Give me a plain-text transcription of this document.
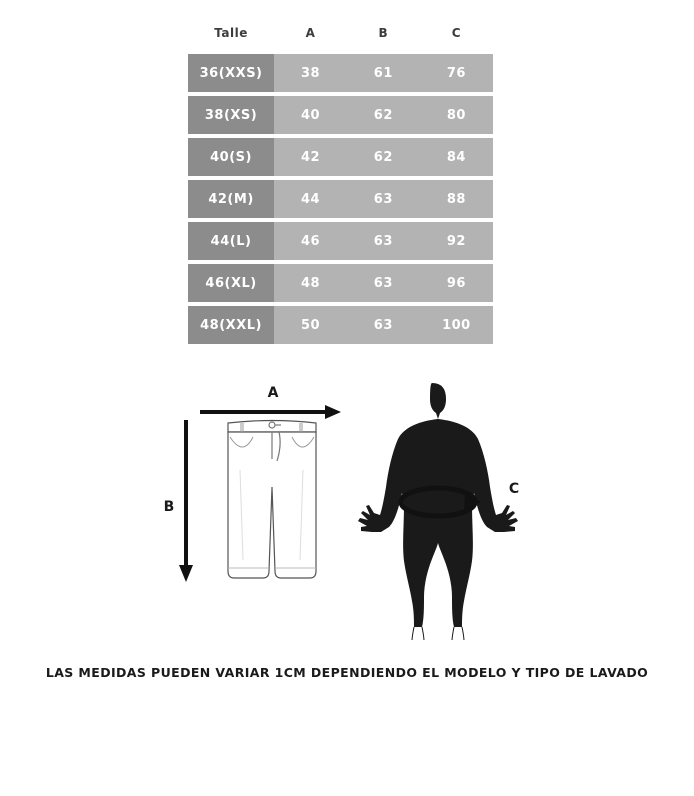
Talle	A	B	C
36(XXS)	38	61	76
38(XS)	40	62	80
40(S)	42	62	84
42(M)	44	63	88
44(L)	46	63	92
46(XL)	48	63	96
48(XXL)	50	63	100
A
B
C
LAS MEDIDAS PUEDEN VARIAR 1CM DEPENDIENDO EL MODELO Y TIPO DE LAVADO
